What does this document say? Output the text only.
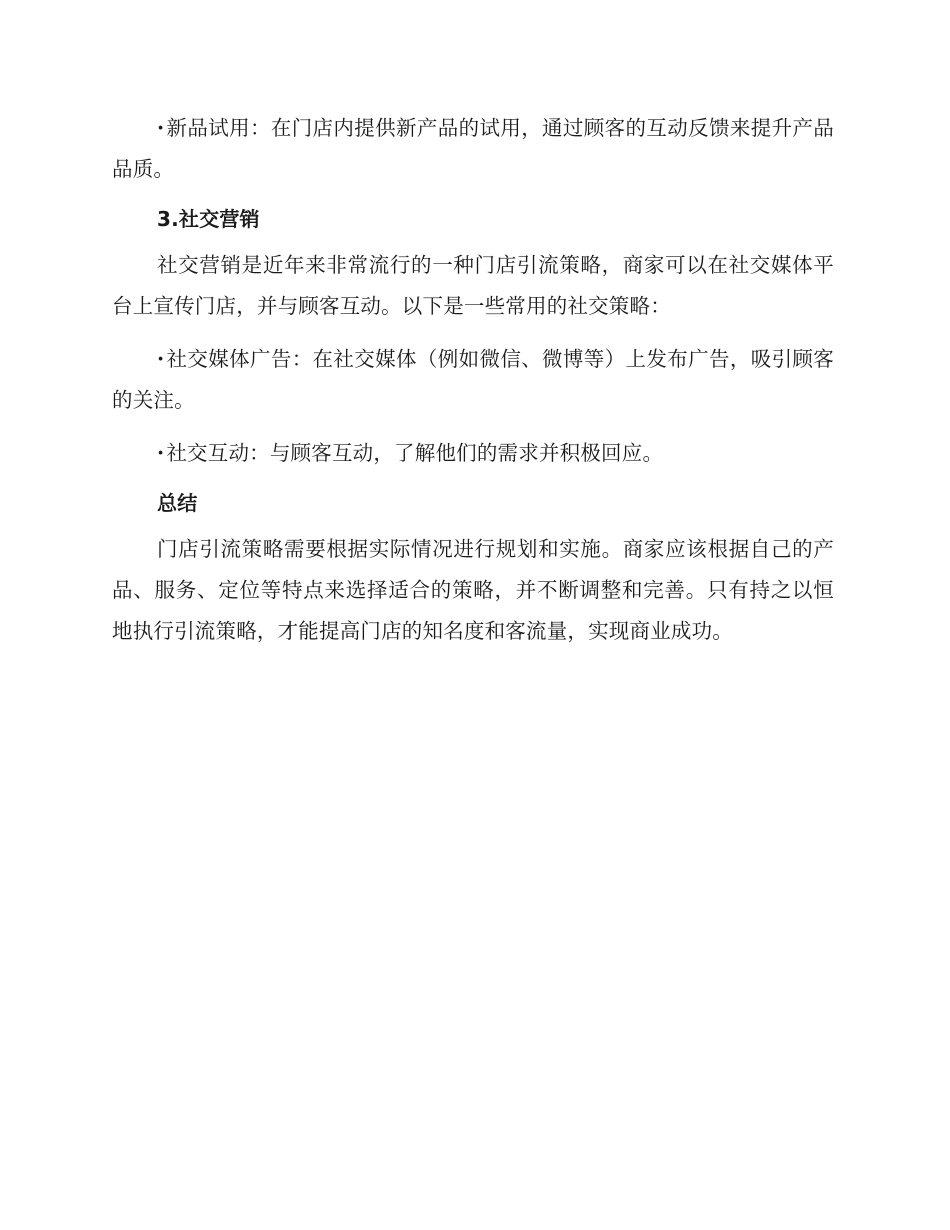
·新品试用：在门店内提供新产品的试用，通过顾客的互动反馈来提升产品品质。

3.社交营销

社交营销是近年来非常流行的一种门店引流策略，商家可以在社交媒体平台上宣传门店，并与顾客互动。以下是一些常用的社交策略：

·社交媒体广告：在社交媒体（例如微信、微博等）上发布广告，吸引顾客的关注。

·社交互动：与顾客互动，了解他们的需求并积极回应。

总结

门店引流策略需要根据实际情况进行规划和实施。商家应该根据自己的产品、服务、定位等特点来选择适合的策略，并不断调整和完善。只有持之以恒地执行引流策略，才能提高门店的知名度和客流量，实现商业成功。
